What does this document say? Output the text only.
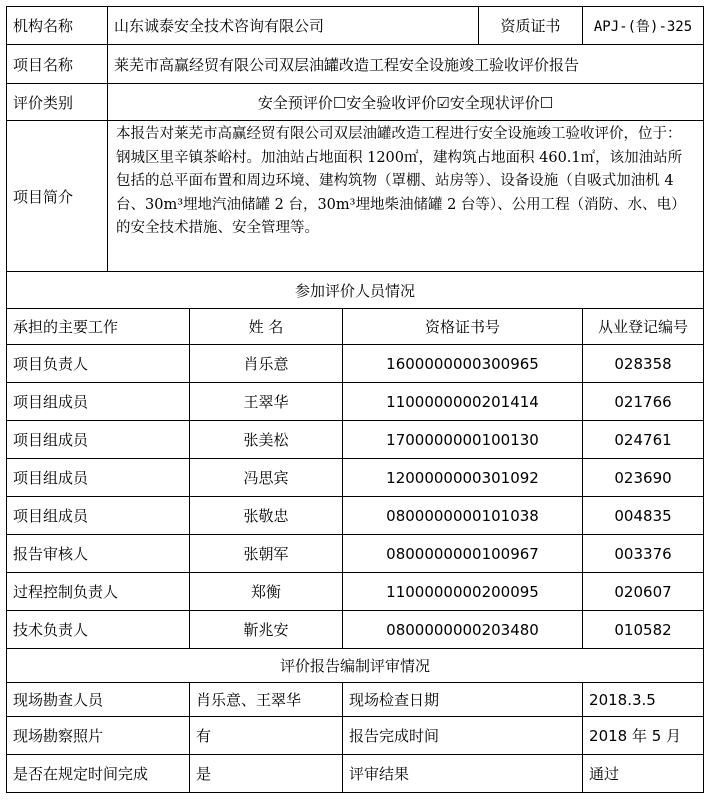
机构名称	山东诚泰安全技术咨询有限公司			资质证书	APJ-(鲁)-325
项目名称	莱芜市高赢经贸有限公司双层油罐改造工程安全设施竣工验收评价报告				
评价类别	安全预评价☐安全验收评价☑安全现状评价☐				
项目简介	本报告对莱芜市高赢经贸有限公司双层油罐改造工程进行安全设施竣工验收评价，位于：钢城区里辛镇茶峪村。加油站占地面积 1200㎡，建构筑占地面积 460.1㎡，该加油站所包括的总平面布置和周边环境、建构筑物（罩棚、站房等）、设备设施（自吸式加油机 4 台、30m³埋地汽油储罐 2 台，30m³埋地柴油储罐 2 台等）、公用工程（消防、水、电）的安全技术措施、安全管理等。				
参加评价人员情况					
承担的主要工作		姓 名	资格证书号		从业登记编号
项目负责人		肖乐意	1600000000300965		028358
项目组成员		王翠华	1100000000201414		021766
项目组成员		张美松	1700000000100130		024761
项目组成员		冯思宾	1200000000301092		023690
项目组成员		张敬忠	0800000000101038		004835
报告审核人		张朝军	0800000000100967		003376
过程控制负责人		郑衡	1100000000200095		020607
技术负责人		靳兆安	0800000000203480		010582
评价报告编制评审情况					
现场勘查人员		肖乐意、王翠华	现场检查日期		2018.3.5
现场勘察照片		有	报告完成时间		2018 年 5 月
是否在规定时间完成		是	评审结果		通过
